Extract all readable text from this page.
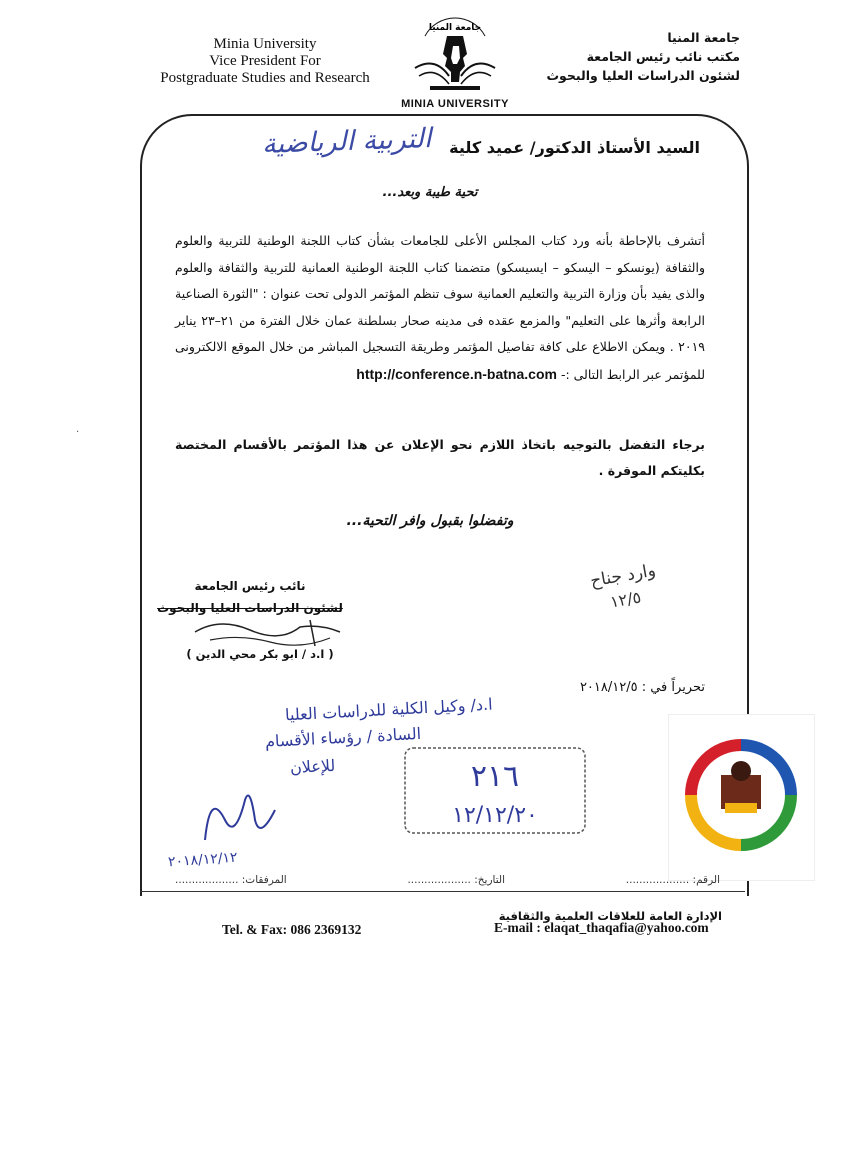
Minia University
Vice President For
Postgraduate Studies and Research
جامعة المنيا
MINIA UNIVERSITY
جامعة المنيا
مكتب نائب رئيس الجامعة
لشئون الدراسات العليا والبحوث
السيد الأستاذ الدكتور/ عميد كلية
التربية الرياضية
تحية طيبة وبعد...
أتشرف بالإحاطة بأنه ورد كتاب المجلس الأعلى للجامعات بشأن كتاب اللجنة الوطنية للتربية والعلوم والثقافة (يونسكو – اليسكو – ايسيسكو) متضمنا كتاب اللجنة الوطنية العمانية للتربية والثقافة والعلوم والذى يفيد بأن وزارة التربية والتعليم العمانية سوف تنظم المؤتمر الدولى تحت عنوان : "الثورة الصناعية الرابعة وأثرها على التعليم" والمزمع عقده فى مدينه صحار بسلطنة عمان خلال الفترة من ٢١–٢٣ يناير ٢٠١٩ . ويمكن الاطلاع على كافة تفاصيل المؤتمر وطريقة التسجيل المباشر من خلال الموقع الالكترونى للمؤتمر عبر الرابط التالى :- http://conference.n-batna.com
·
برجاء التفضل بالتوجيه باتخاذ اللازم نحو الإعلان عن هذا المؤتمر بالأقسام المختصة بكليتكم الموقرة .
وتفضلوا بقبول وافر التحية...
وارد جناح
١٢/٥
نائب رئيس الجامعة
لشئون الدراسات العليا والبحوث
( ا.د / ابو بكر محي الدين )
تحريراً في : ٢٠١٨/١٢/٥
ا.د/ وكيل الكلية للدراسات العليا
السادة / رؤساء الأقسام
للإعلان
٢٠١٨/١٢/١٢
٢١٦
١٢/١٢/٢٠
الرقم: ...................
التاريخ: ...................
المرفقات: ...................
الإدارة العامة للعلاقات العلمية والثقافية
E-mail : elaqat_thaqafia@yahoo.com
Tel. & Fax: 086 2369132
